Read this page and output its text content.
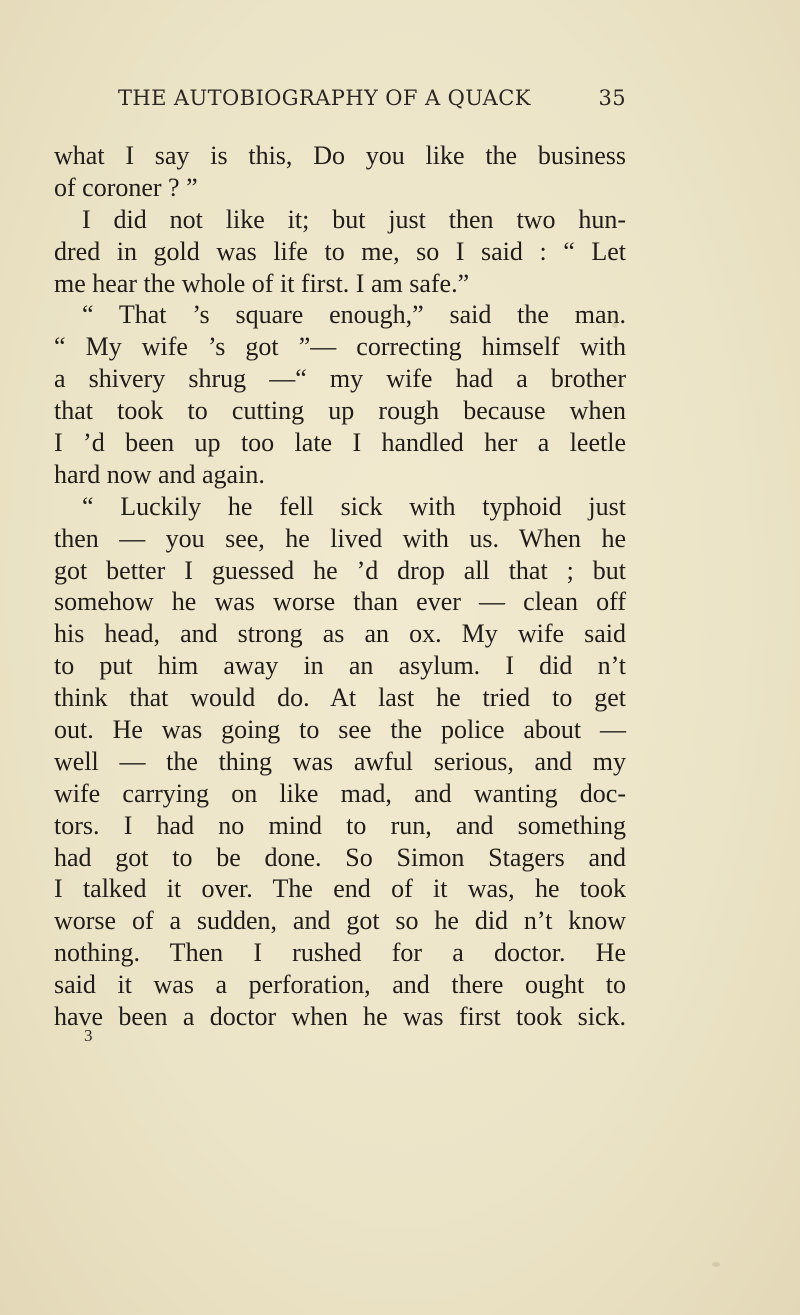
THE AUTOBIOGRAPHY OF A QUACK	35
what I say is this, Do you like the business
of coroner ? ”
I did not like it; but just then two hun-
dred in gold was life to me, so I said : “ Let
me hear the whole of it first. I am safe.”
“ That ’s square enough,” said the man.
“ My wife ’s got ”— correcting himself with
a shivery shrug —“ my wife had a brother
that took to cutting up rough because when
I ’d been up too late I handled her a leetle
hard now and again.
“ Luckily he fell sick with typhoid just
then — you see, he lived with us. When he
got better I guessed he ’d drop all that ; but
somehow he was worse than ever — clean off
his head, and strong as an ox. My wife said
to put him away in an asylum. I did n’t
think that would do. At last he tried to get
out. He was going to see the police about —
well — the thing was awful serious, and my
wife carrying on like mad, and wanting doc-
tors. I had no mind to run, and something
had got to be done. So Simon Stagers and
I talked it over. The end of it was, he took
worse of a sudden, and got so he did n’t know
nothing. Then I rushed for a doctor. He
said it was a perforation, and there ought to
have been a doctor when he was first took sick.
3
